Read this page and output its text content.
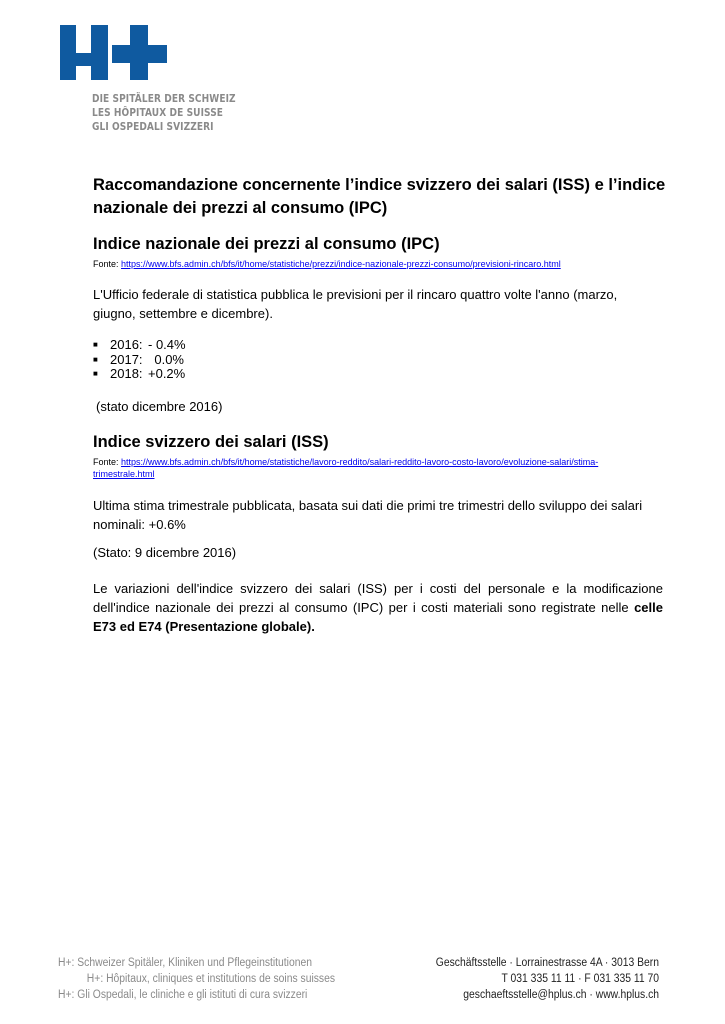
DIE SPITÄLER DER SCHWEIZ
LES HÔPITAUX DE SUISSE
GLI OSPEDALI SVIZZERI
Raccomandazione concernente l’indice svizzero dei salari (ISS) e l’indice nazionale dei prezzi al consumo (IPC)
Indice nazionale dei prezzi al consumo (IPC)
Fonte: https://www.bfs.admin.ch/bfs/it/home/statistiche/prezzi/indice-nazionale-prezzi-consumo/previsioni-rincaro.html
L'Ufficio federale di statistica pubblica le previsioni per il rincaro quattro volte l'anno (marzo, giugno, settembre e dicembre).
■ 2016: - 0.4%
■ 2017: 0.0%
■ 2018: +0.2%
(stato dicembre 2016)
Indice svizzero dei salari (ISS)
Fonte: https://www.bfs.admin.ch/bfs/it/home/statistiche/lavoro-reddito/salari-reddito-lavoro-costo-lavoro/evoluzione-salari/stima-trimestrale.html
Ultima stima trimestrale pubblicata, basata sui dati die primi tre trimestri dello sviluppo dei salari nominali: +0.6%
(Stato: 9 dicembre 2016)
Le variazioni dell'indice svizzero dei salari (ISS) per i costi del personale e la modificazione dell'indice nazionale dei prezzi al consumo (IPC) per i costi materiali sono registrate nelle celle E73 ed E74 (Presentazione globale).
H+: Schweizer Spitäler, Kliniken und Pflegeinstitutionen
H+: Hôpitaux, cliniques et institutions de soins suisses
H+: Gli Ospedali, le cliniche e gli istituti di cura svizzeri
Geschäftsstelle · Lorrainestrasse 4A · 3013 Bern
T 031 335 11 11 · F 031 335 11 70
geschaeftsstelle@hplus.ch · www.hplus.ch
